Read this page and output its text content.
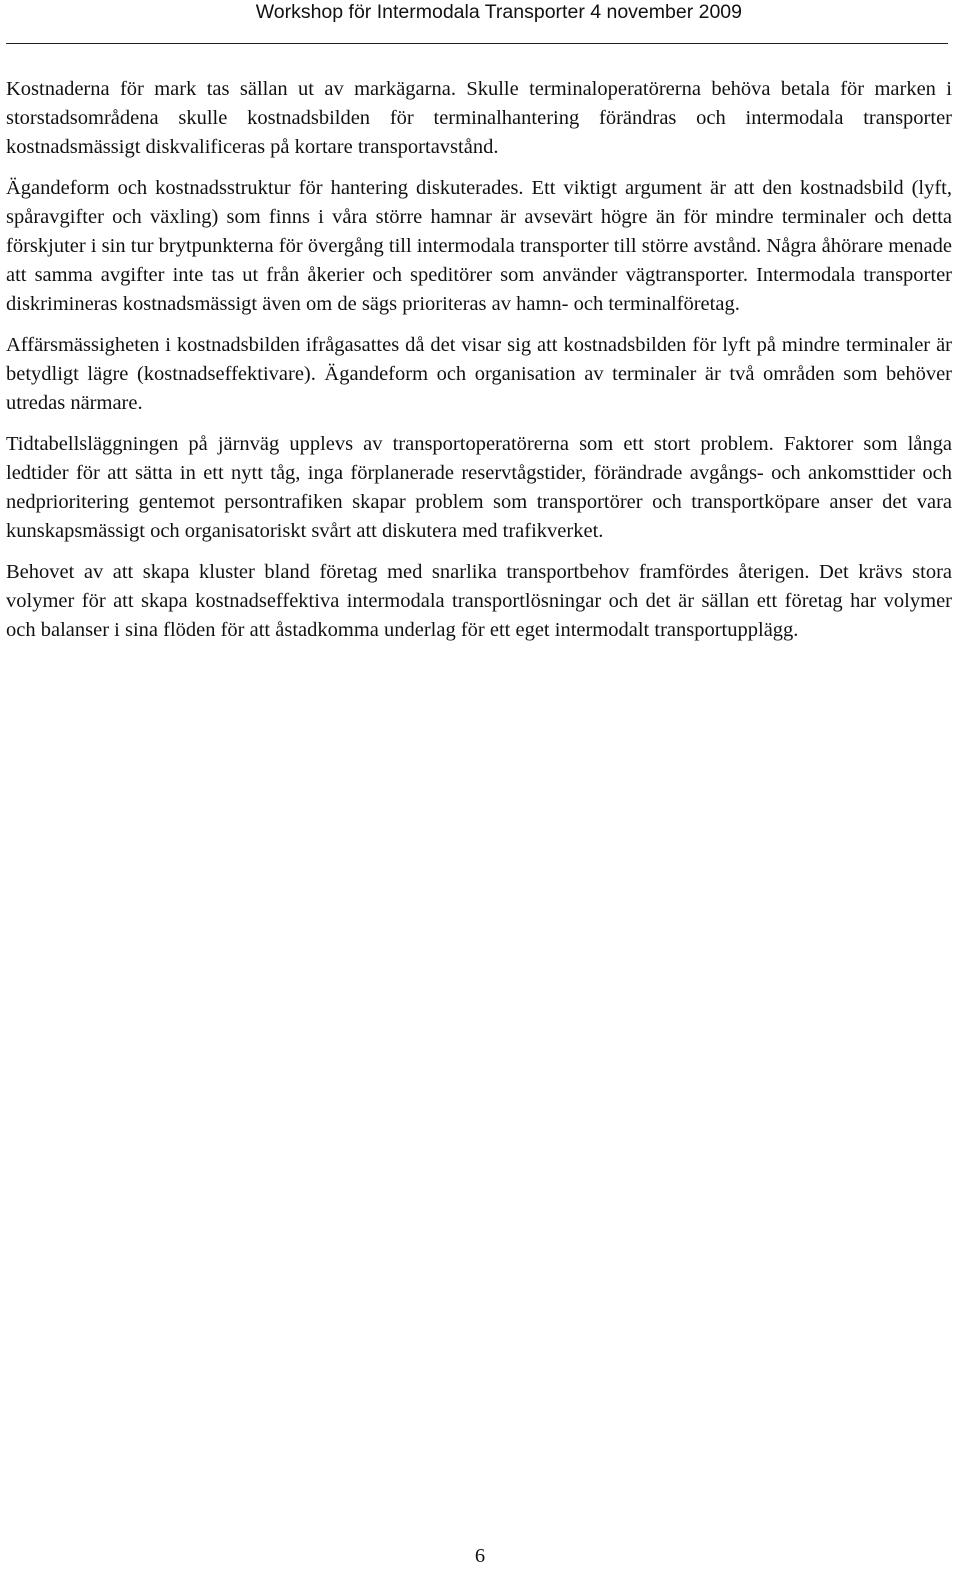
Workshop för Intermodala Transporter 4 november 2009

Kostnaderna för mark tas sällan ut av markägarna. Skulle terminaloperatörerna behöva betala för marken i storstadsområdena skulle kostnadsbilden för terminalhantering förändras och intermodala transporter kostnadsmässigt diskvalificeras på kortare transportavstånd.

Ägandeform och kostnadsstruktur för hantering diskuterades. Ett viktigt argument är att den kostnadsbild (lyft, spåravgifter och växling) som finns i våra större hamnar är avsevärt högre än för mindre terminaler och detta förskjuter i sin tur brytpunkterna för övergång till intermodala transporter till större avstånd. Några åhörare menade att samma avgifter inte tas ut från åkerier och speditörer som använder vägtransporter. Intermodala transporter diskrimineras kostnadsmässigt även om de sägs prioriteras av hamn- och terminalföretag.

Affärsmässigheten i kostnadsbilden ifrågasattes då det visar sig att kostnadsbilden för lyft på mindre terminaler är betydligt lägre (kostnadseffektivare). Ägandeform och organisation av terminaler är två områden som behöver utredas närmare.

Tidtabellsläggningen på järnväg upplevs av transportoperatörerna som ett stort problem. Faktorer som långa ledtider för att sätta in ett nytt tåg, inga förplanerade reservtågstider, förändrade avgångs- och ankomsttider och nedprioritering gentemot persontrafiken skapar problem som transportörer och transportköpare anser det vara kunskapsmässigt och organisatoriskt svårt att diskutera med trafikverket.

Behovet av att skapa kluster bland företag med snarlika transportbehov framfördes återigen. Det krävs stora volymer för att skapa kostnadseffektiva intermodala transportlösningar och det är sällan ett företag har volymer och balanser i sina flöden för att åstadkomma underlag för ett eget intermodalt transportupplägg.

6
